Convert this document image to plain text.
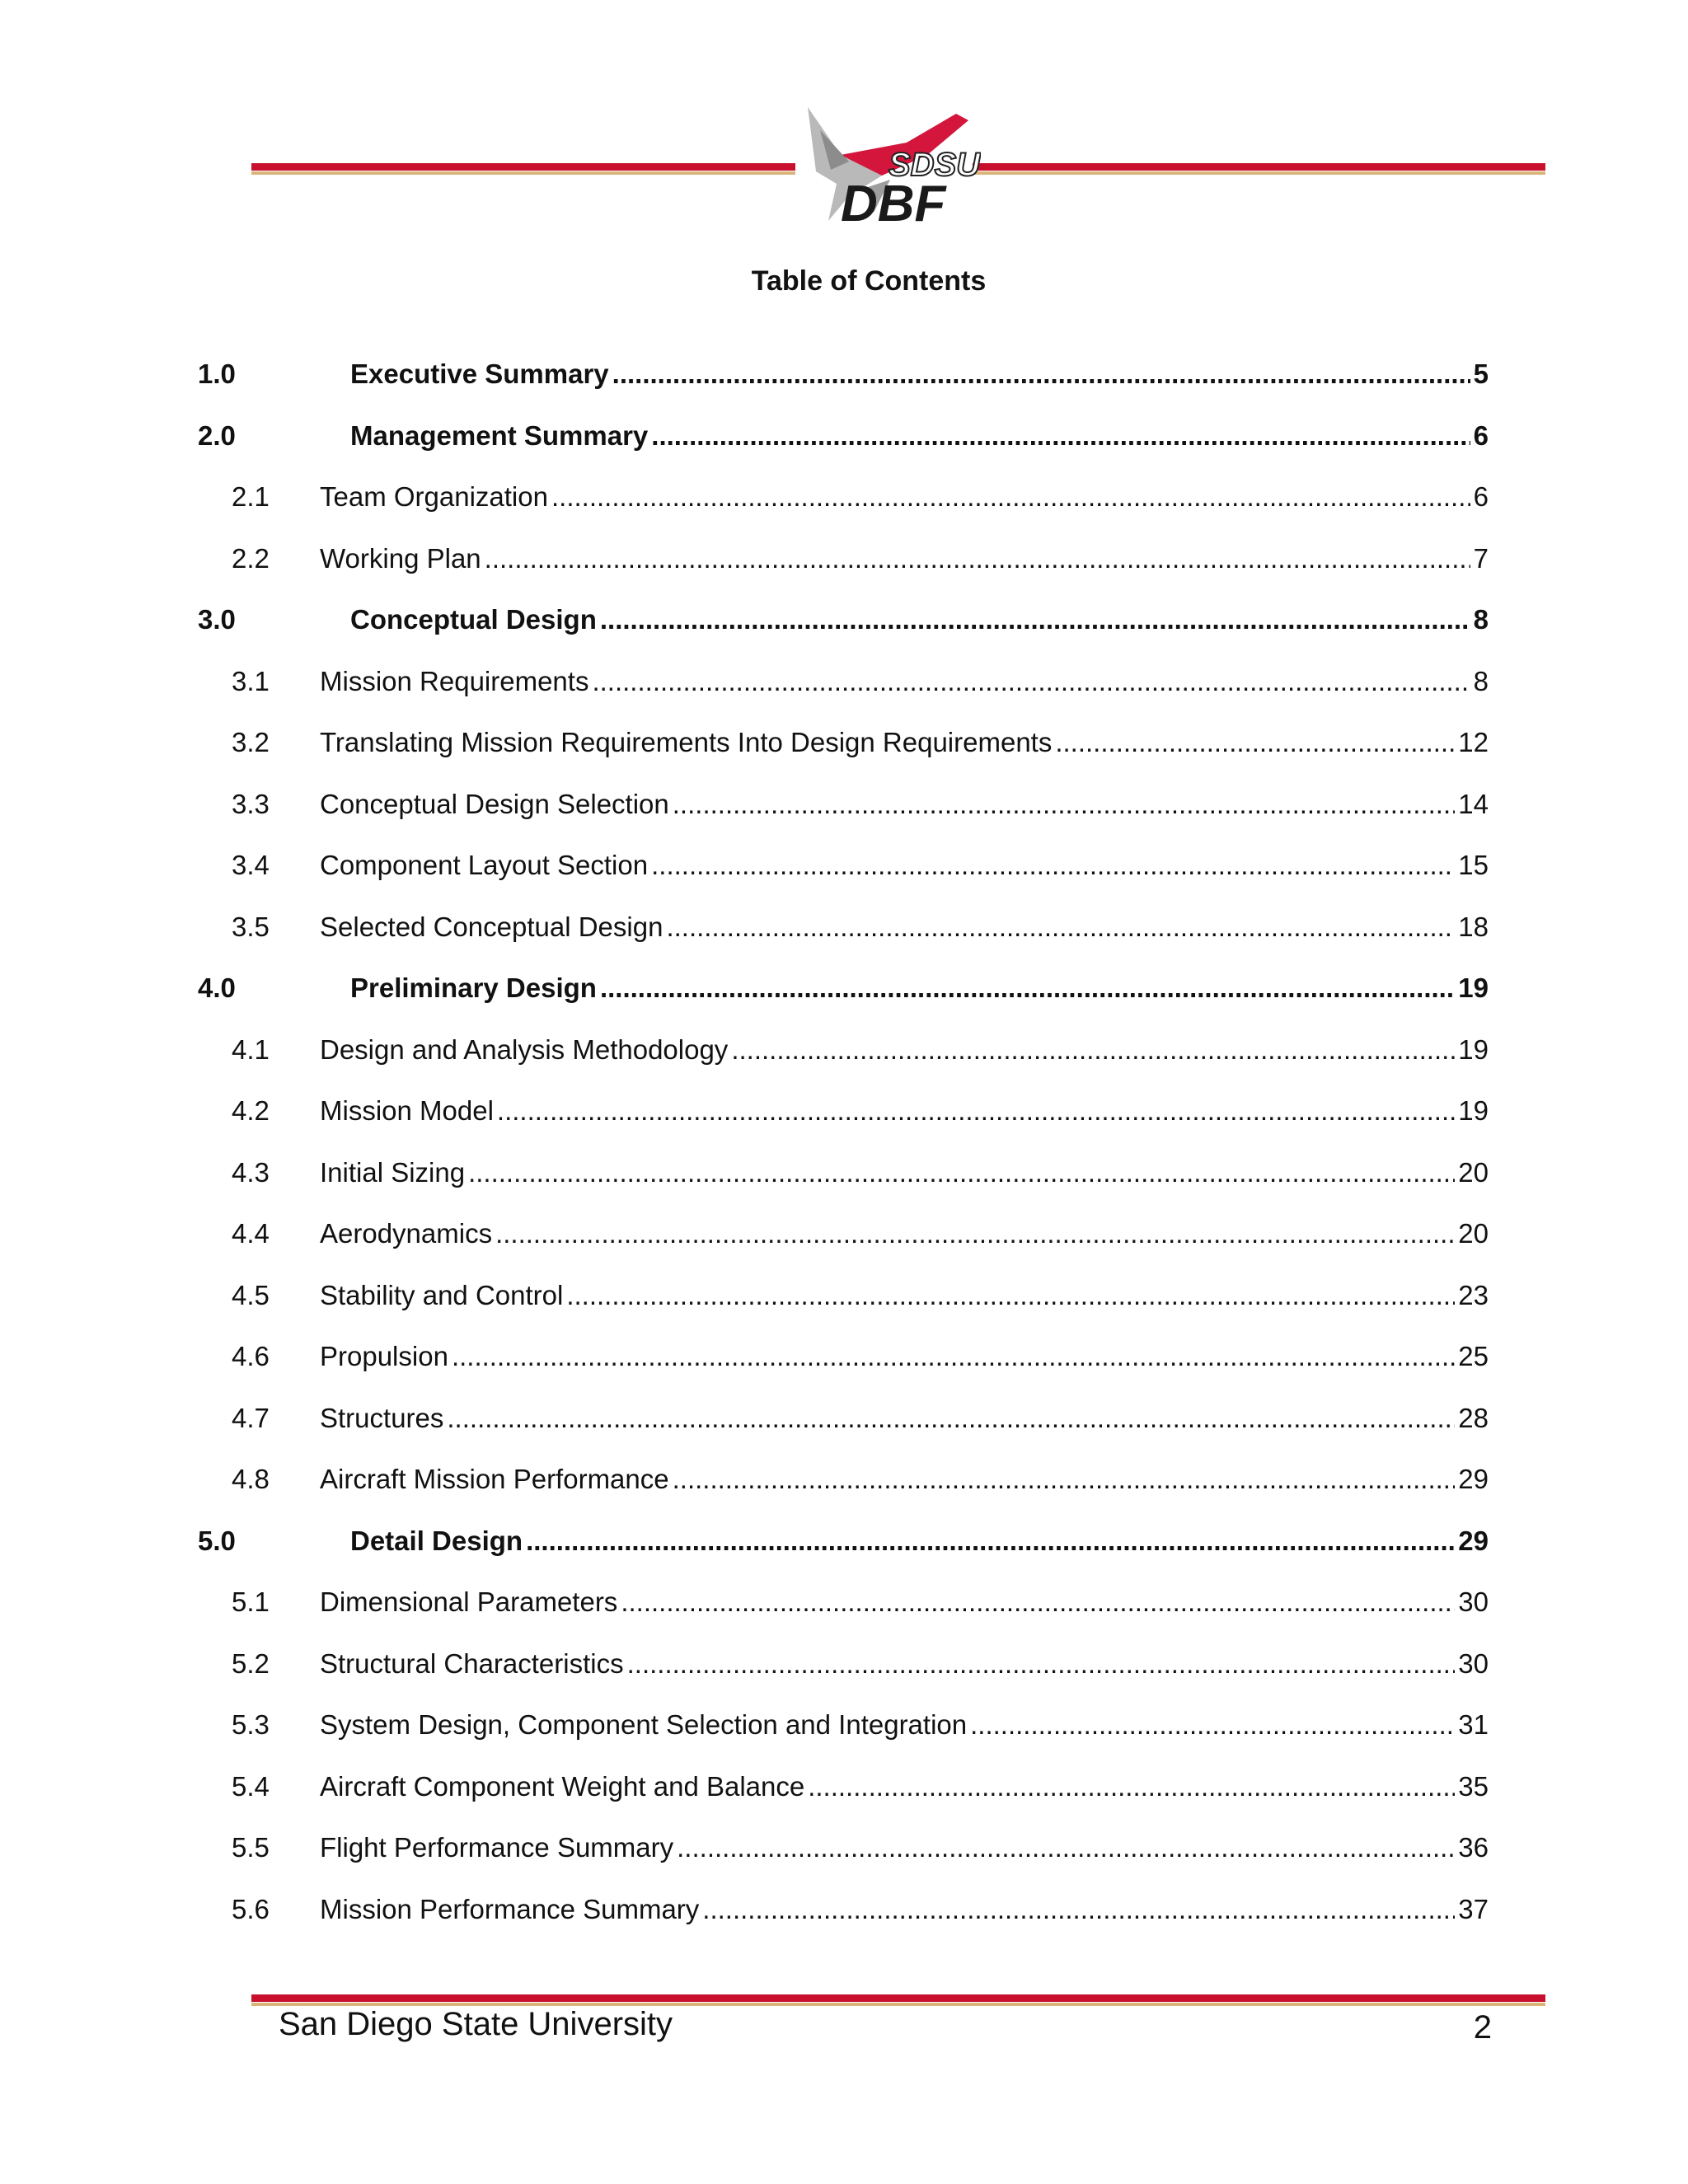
SDSU
DBF
Table of Contents
1.0	Executive Summary .....	5
2.0	Management Summary .....	6
2.1 Team Organization .....	6
2.2 Working Plan .....	7
3.0	Conceptual Design .....	8
3.1 Mission Requirements .....	8
3.2 Translating Mission Requirements Into Design Requirements .....	12
3.3 Conceptual Design Selection .....	14
3.4 Component Layout Section .....	15
3.5 Selected Conceptual Design .....	18
4.0	Preliminary Design .....	19
4.1 Design and Analysis Methodology .....	19
4.2 Mission Model .....	19
4.3 Initial Sizing .....	20
4.4 Aerodynamics .....	20
4.5 Stability and Control .....	23
4.6 Propulsion .....	25
4.7 Structures .....	28
4.8 Aircraft Mission Performance .....	29
5.0	Detail Design .....	29
5.1 Dimensional Parameters .....	30
5.2 Structural Characteristics .....	30
5.3 System Design, Component Selection and Integration .....	31
5.4 Aircraft Component Weight and Balance .....	35
5.5 Flight Performance Summary .....	36
5.6 Mission Performance Summary .....	37
San Diego State University	2
